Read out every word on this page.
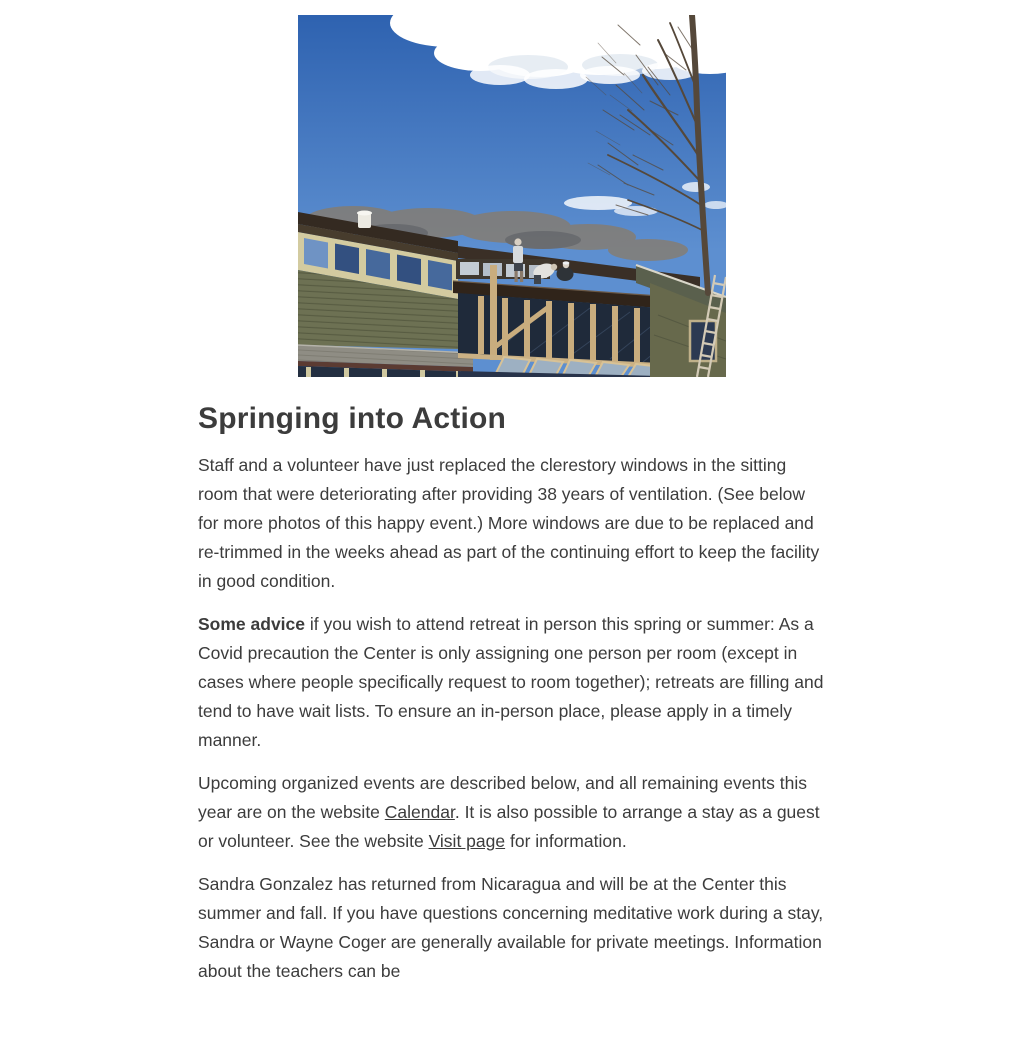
Springing into Action

Staff and a volunteer have just replaced the clerestory windows in the sitting room that were deteriorating after providing 38 years of ventilation. (See below for more photos of this happy event.) More windows are due to be replaced and re-trimmed in the weeks ahead as part of the continuing effort to keep the facility in good condition.

Some advice if you wish to attend retreat in person this spring or summer: As a Covid precaution the Center is only assigning one person per room (except in cases where people specifically request to room together); retreats are filling and tend to have wait lists. To ensure an in-person place, please apply in a timely manner.

Upcoming organized events are described below, and all remaining events this year are on the website Calendar. It is also possible to arrange a stay as a guest or volunteer. See the website Visit page for information.

Sandra Gonzalez has returned from Nicaragua and will be at the Center this summer and fall. If you have questions concerning meditative work during a stay, Sandra or Wayne Coger are generally available for private meetings. Information about the teachers can be
